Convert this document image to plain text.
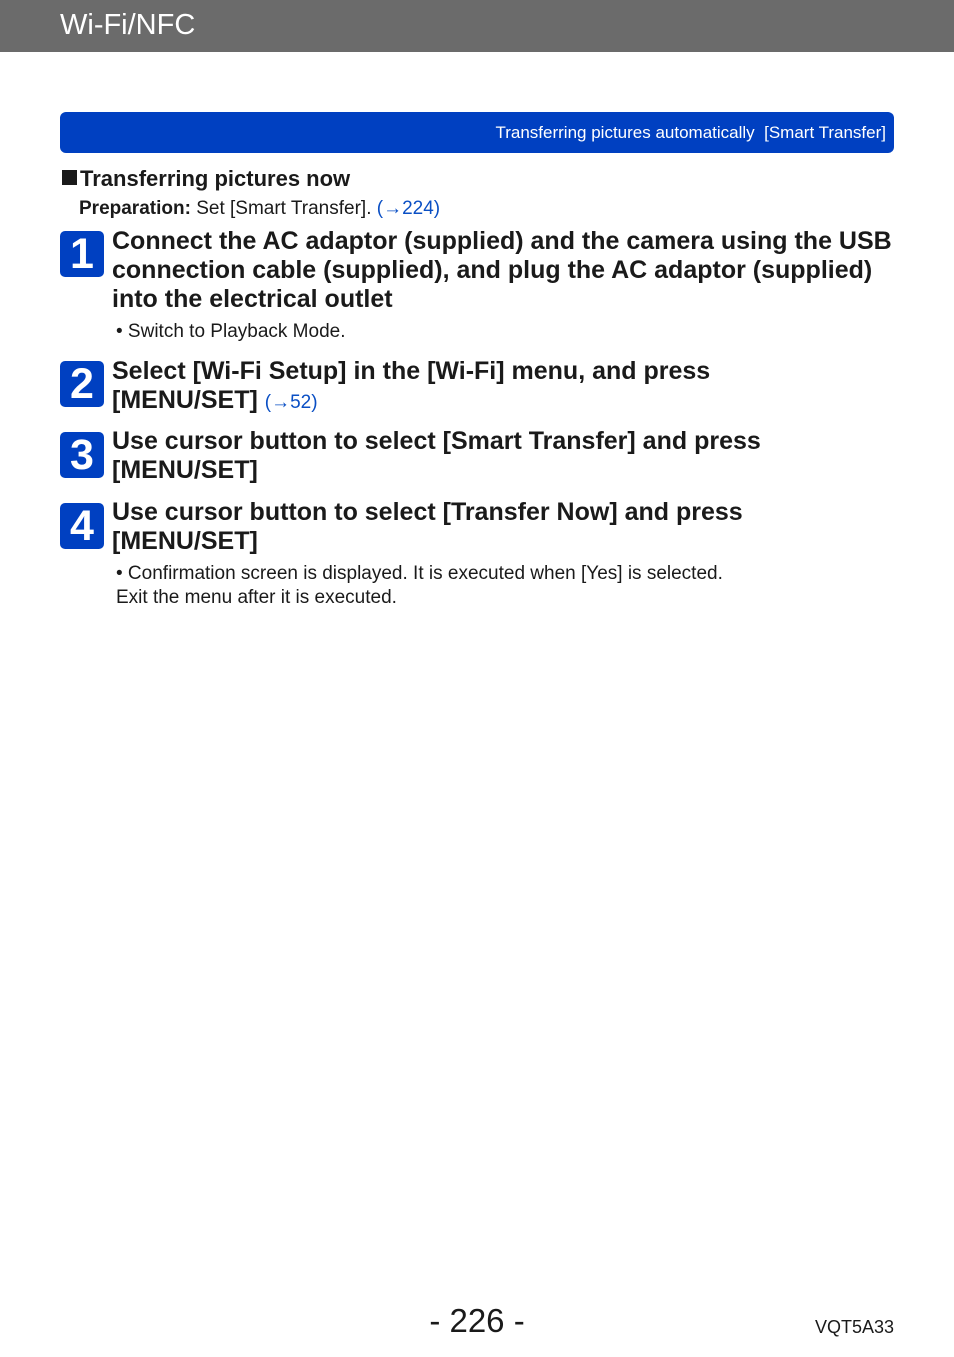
Wi-Fi/NFC
Transferring pictures automatically  [Smart Transfer]
Transferring pictures now
Preparation: Set [Smart Transfer]. (→224)
1 Connect the AC adaptor (supplied) and the camera using the USB connection cable (supplied), and plug the AC adaptor (supplied) into the electrical outlet
• Switch to Playback Mode.
2 Select [Wi-Fi Setup] in the [Wi-Fi] menu, and press [MENU/SET] (→52)
3 Use cursor button to select [Smart Transfer] and press [MENU/SET]
4 Use cursor button to select [Transfer Now] and press [MENU/SET]
• Confirmation screen is displayed. It is executed when [Yes] is selected.
Exit the menu after it is executed.
- 226 -	VQT5A33
